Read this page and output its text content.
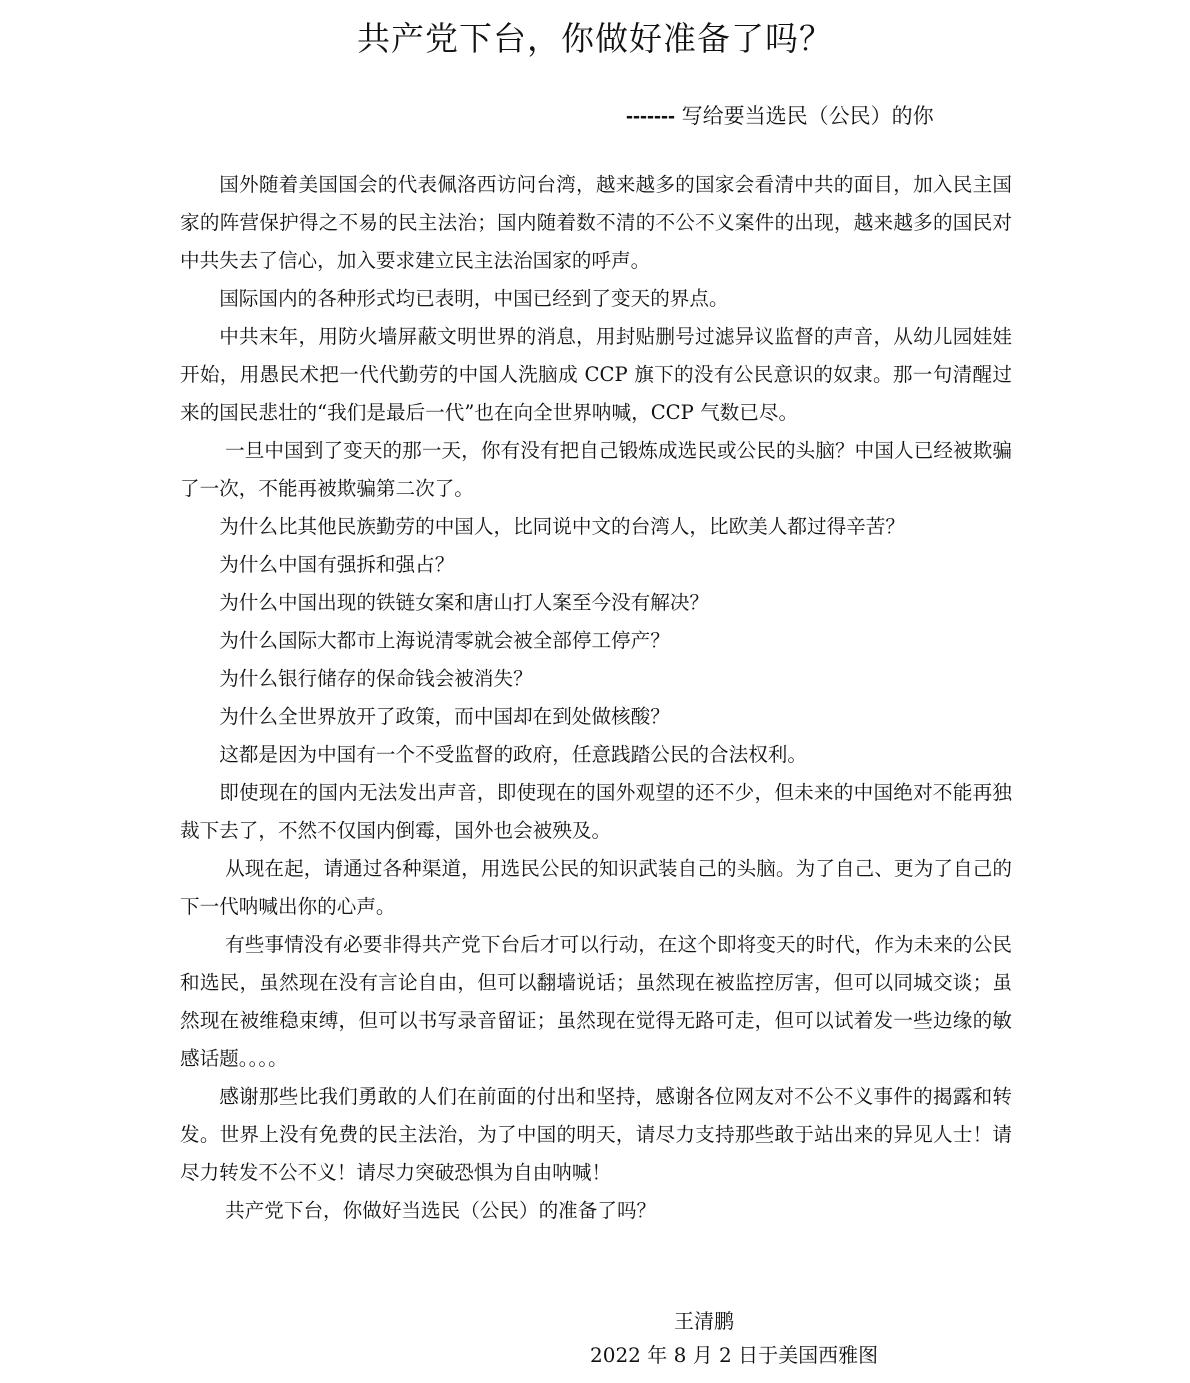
共产党下台，你做好准备了吗？
------- 写给要当选民（公民）的你

国外随着美国国会的代表佩洛西访问台湾，越来越多的国家会看清中共的面目，加入民主国家的阵营保护得之不易的民主法治；国内随着数不清的不公不义案件的出现，越来越多的国民对中共失去了信心，加入要求建立民主法治国家的呼声。

国际国内的各种形式均已表明，中国已经到了变天的界点。

中共末年，用防火墙屏蔽文明世界的消息，用封贴删号过滤异议监督的声音，从幼儿园娃娃开始，用愚民术把一代代勤劳的中国人洗脑成 CCP 旗下的没有公民意识的奴隶。那一句清醒过来的国民悲壮的“我们是最后一代”也在向全世界呐喊，CCP 气数已尽。

一旦中国到了变天的那一天，你有没有把自己锻炼成选民或公民的头脑？中国人已经被欺骗了一次，不能再被欺骗第二次了。

为什么比其他民族勤劳的中国人，比同说中文的台湾人，比欧美人都过得辛苦？

为什么中国有强拆和强占？

为什么中国出现的铁链女案和唐山打人案至今没有解决？

为什么国际大都市上海说清零就会被全部停工停产？

为什么银行储存的保命钱会被消失？

为什么全世界放开了政策，而中国却在到处做核酸？

这都是因为中国有一个不受监督的政府，任意践踏公民的合法权利。

即使现在的国内无法发出声音，即使现在的国外观望的还不少，但未来的中国绝对不能再独裁下去了，不然不仅国内倒霉，国外也会被殃及。

从现在起，请通过各种渠道，用选民公民的知识武装自己的头脑。为了自己、更为了自己的下一代呐喊出你的心声。

有些事情没有必要非得共产党下台后才可以行动，在这个即将变天的时代，作为未来的公民和选民，虽然现在没有言论自由，但可以翻墙说话；虽然现在被监控厉害，但可以同城交谈；虽然现在被维稳束缚，但可以书写录音留证；虽然现在觉得无路可走，但可以试着发一些边缘的敏感话题。。。。

感谢那些比我们勇敢的人们在前面的付出和坚持，感谢各位网友对不公不义事件的揭露和转发。世界上没有免费的民主法治，为了中国的明天，请尽力支持那些敢于站出来的异见人士！请尽力转发不公不义！请尽力突破恐惧为自由呐喊！

共产党下台，你做好当选民（公民）的准备了吗？

王清鹏
2022 年 8 月 2 日于美国西雅图
